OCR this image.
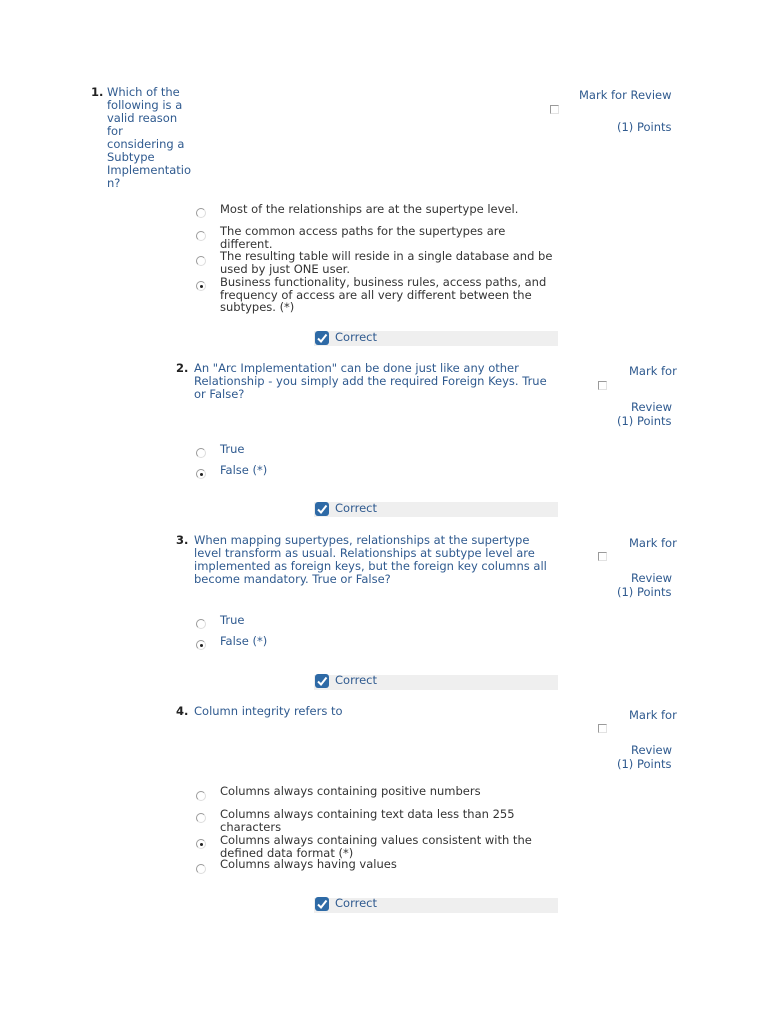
1. Which of the
following is a
valid reason
for
considering a
Subtype
Implementatio
n?
Mark for Review
(1) Points
Most of the relationships are at the supertype level.
The common access paths for the supertypes are
different.
The resulting table will reside in a single database and be
used by just ONE user.
Business functionality, business rules, access paths, and
frequency of access are all very different between the
subtypes. (*)
Correct
2. An "Arc Implementation" can be done just like any other
Relationship - you simply add the required Foreign Keys. True
or False?
Mark for
Review
(1) Points
True
False (*)
Correct
3. When mapping supertypes, relationships at the supertype
level transform as usual. Relationships at subtype level are
implemented as foreign keys, but the foreign key columns all
become mandatory. True or False?
Mark for
Review
(1) Points
True
False (*)
Correct
4. Column integrity refers to	Mark for
Review
(1) Points
Columns always containing positive numbers
Columns always containing text data less than 255
characters
Columns always containing values consistent with the
defined data format (*)
Columns always having values
Correct
